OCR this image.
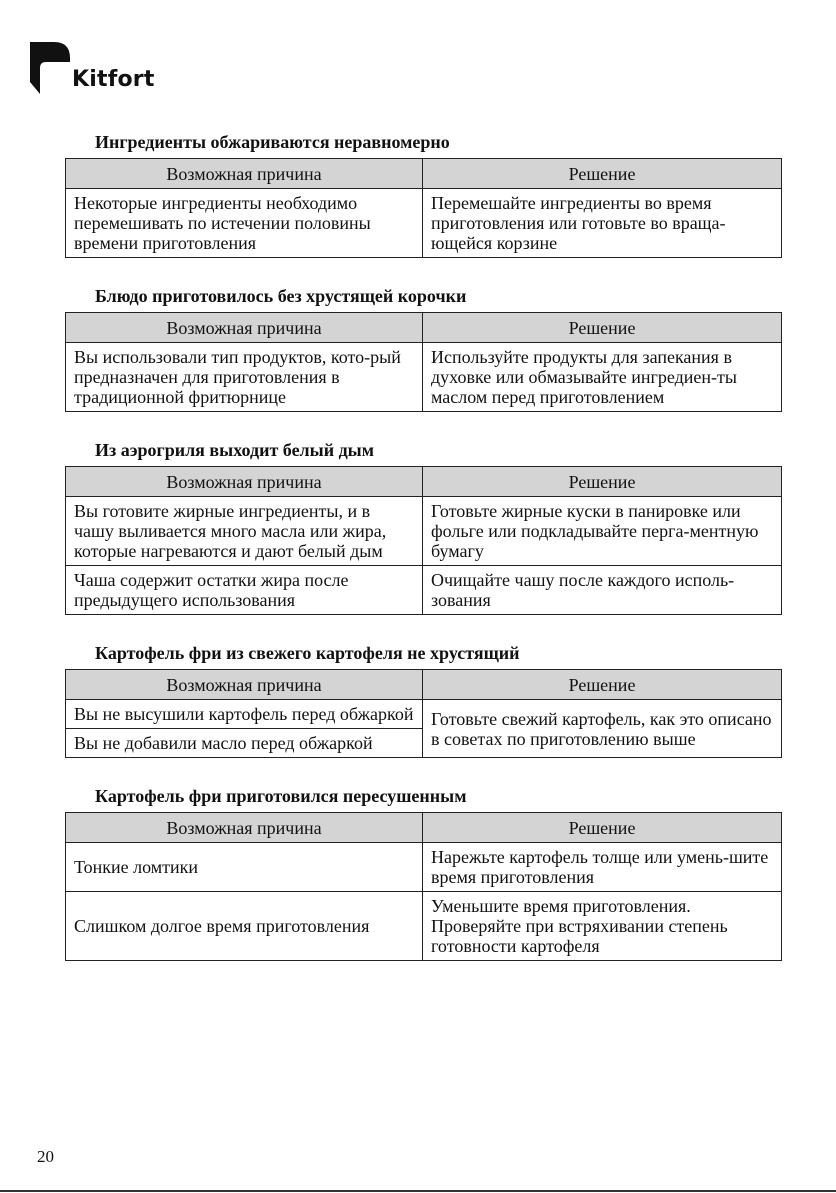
Kitfort
Ингредиенты обжариваются неравномерно
Возможная причина	Решение
Некоторые ингредиенты необходимо перемешивать по истечении половины времени приготовления	Перемешайте ингредиенты во время приготовления или готовьте во враща-ющейся корзине
Блюдо приготовилось без хрустящей корочки
Возможная причина	Решение
Вы использовали тип продуктов, кото-рый предназначен для приготовления в традиционной фритюрнице	Используйте продукты для запекания в духовке или обмазывайте ингредиен-ты маслом перед приготовлением
Из аэрогриля выходит белый дым
Возможная причина	Решение
Вы готовите жирные ингредиенты, и в чашу выливается много масла или жира, которые нагреваются и дают белый дым	Готовьте жирные куски в панировке или фольге или подкладывайте перга-ментную бумагу
Чаша содержит остатки жира после предыдущего использования	Очищайте чашу после каждого исполь-зования
Картофель фри из свежего картофеля не хрустящий
Возможная причина	Решение
Вы не высушили картофель перед обжаркой	Готовьте свежий картофель, как это описано в советах по приготовлению выше
Вы не добавили масло перед обжаркой	
Картофель фри приготовился пересушенным
Возможная причина	Решение
Тонкие ломтики	Нарежьте картофель толще или умень-шите время приготовления
Слишком долгое время приготовления	Уменьшите время приготовления. Проверяйте при встряхивании степень готовности картофеля
20
